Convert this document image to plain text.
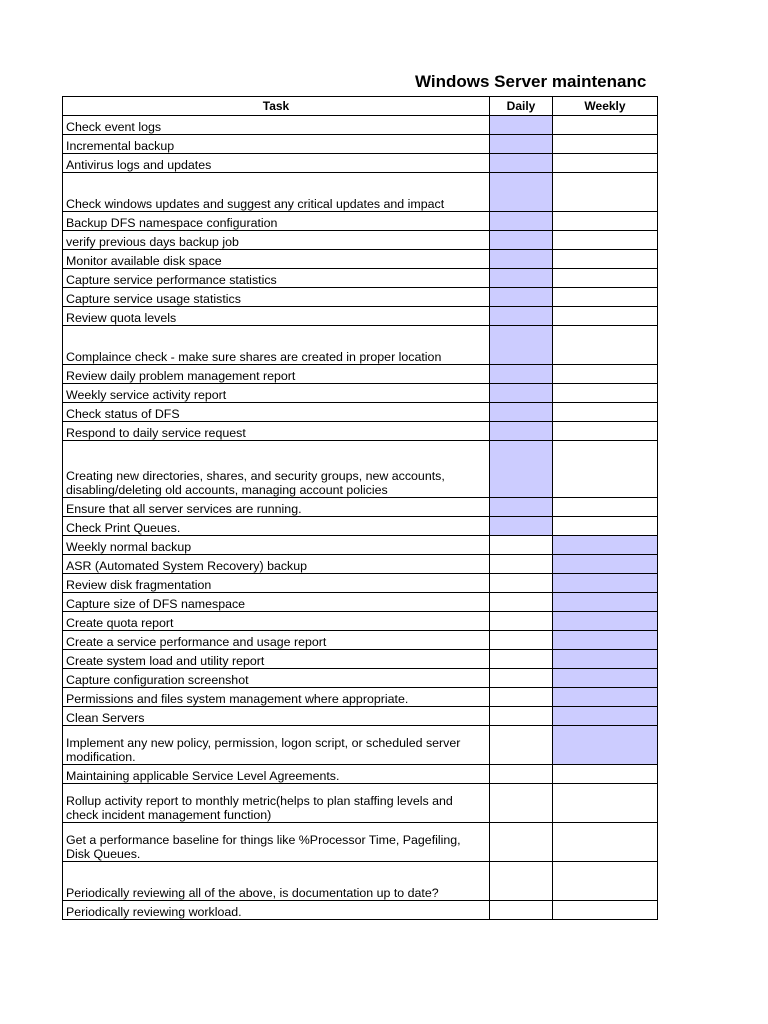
Windows Server maintenanc
Task	Daily	Weekly
Check event logs		
Incremental backup		
Antivirus logs and updates		
Check windows updates and suggest any critical updates and impact		
Backup DFS namespace configuration		
verify previous days backup job		
Monitor available disk space		
Capture service performance statistics		
Capture service usage statistics		
Review quota levels		
Complaince check - make sure shares are created in proper location		
Review daily problem management report		
Weekly service activity report		
Check status of DFS		
Respond to daily service request		
Creating new directories, shares, and security groups, new accounts, disabling/deleting old accounts, managing account policies		
Ensure that all server services are running.		
Check Print Queues.		
Weekly normal backup		
ASR (Automated System Recovery) backup		
Review disk fragmentation		
Capture size of DFS namespace		
Create quota report		
Create a service performance and usage report		
Create system load and utility report		
Capture configuration screenshot		
Permissions and files system management where appropriate.		
Clean Servers		
Implement any new policy, permission, logon script, or scheduled server modification.		
Maintaining applicable Service Level Agreements.		
Rollup activity report to monthly metric(helps to plan staffing levels and check incident management function)		
Get a performance baseline for things like %Processor Time, Pagefiling, Disk Queues.		
Periodically reviewing all of the above, is documentation up to date?		
Periodically reviewing workload.		
